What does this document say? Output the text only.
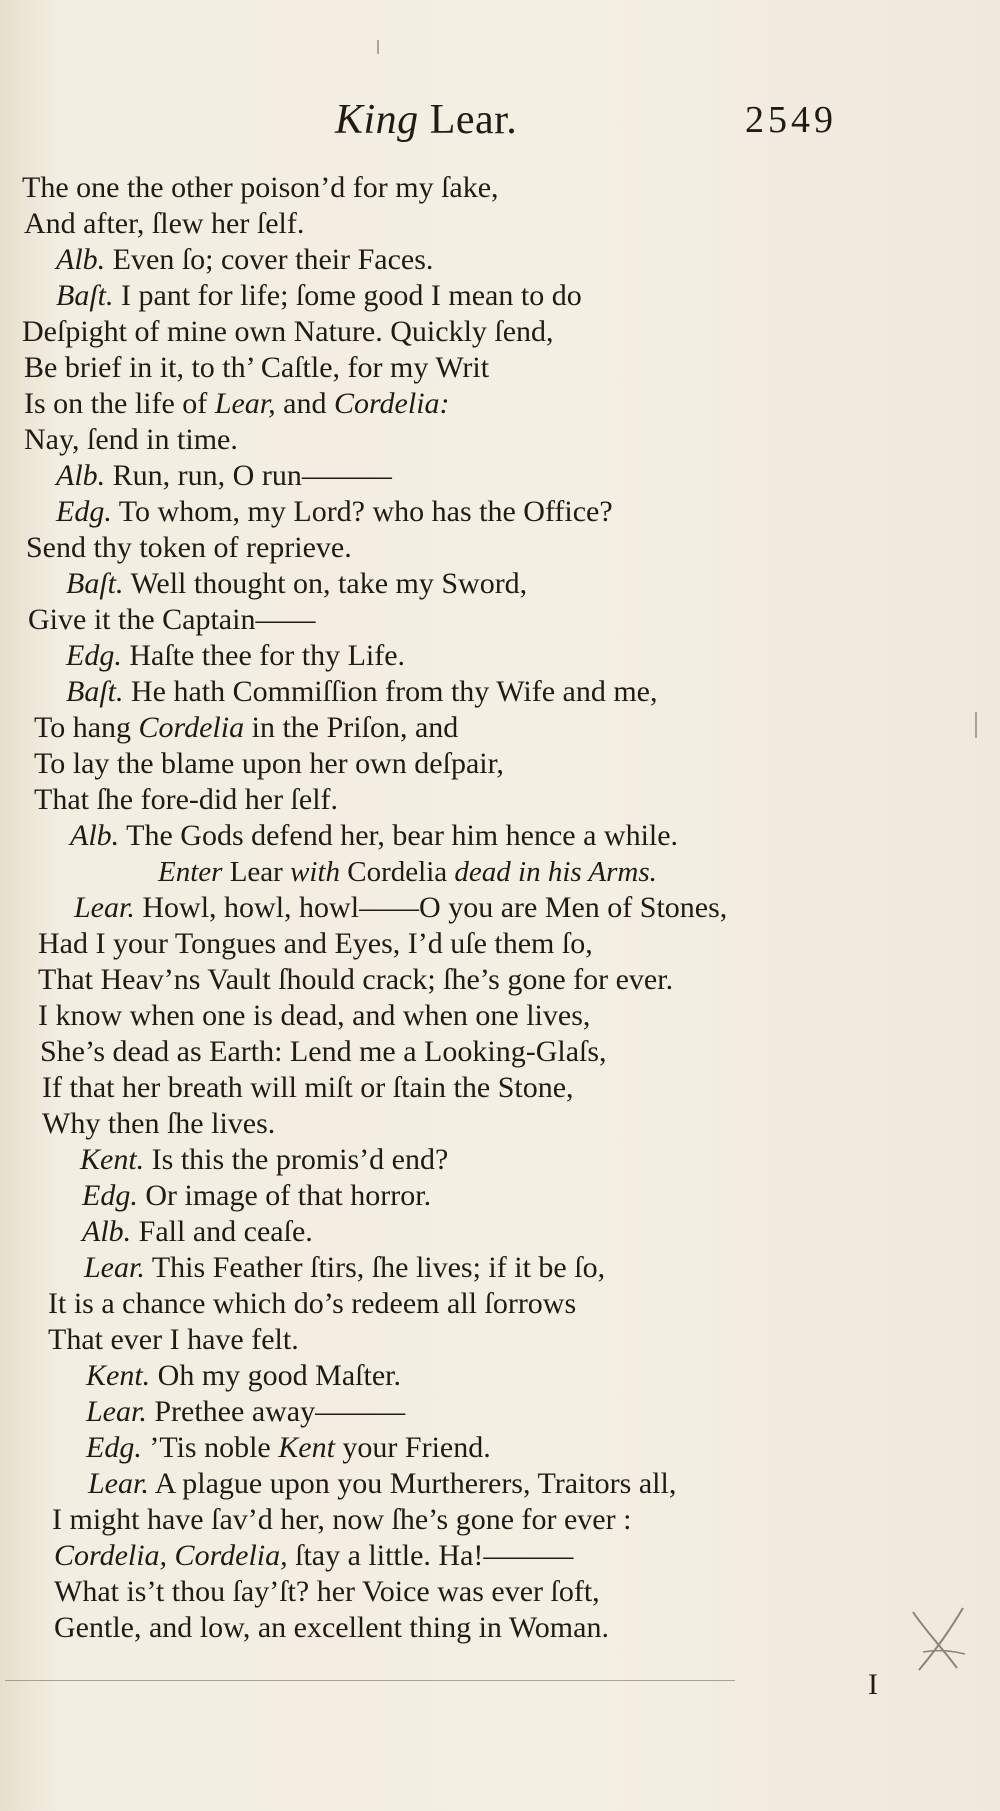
King Lear.	2549
The one the other poison’d for my ſake,
And after, ſlew her ſelf.
Alb. Even ſo; cover their Faces.
Baſt. I pant for life; ſome good I mean to do
Deſpight of mine own Nature. Quickly ſend,
Be brief in it, to th’ Caſtle, for my Writ
Is on the life of Lear, and Cordelia:
Nay, ſend in time.
Alb. Run, run, O run———
Edg. To whom, my Lord? who has the Office?
Send thy token of reprieve.
Baſt. Well thought on, take my Sword,
Give it the Captain——
Edg. Haſte thee for thy Life.
Baſt. He hath Commiſſion from thy Wife and me,
To hang Cordelia in the Priſon, and
To lay the blame upon her own deſpair,
That ſhe fore-did her ſelf.
Alb. The Gods defend her, bear him hence a while.
Enter Lear with Cordelia dead in his Arms.
Lear. Howl, howl, howl——O you are Men of Stones,
Had I your Tongues and Eyes, I’d uſe them ſo,
That Heav’ns Vault ſhould crack; ſhe’s gone for ever.
I know when one is dead, and when one lives,
She’s dead as Earth: Lend me a Looking-Glaſs,
If that her breath will miſt or ſtain the Stone,
Why then ſhe lives.
Kent. Is this the promis’d end?
Edg. Or image of that horror.
Alb. Fall and ceaſe.
Lear. This Feather ſtirs, ſhe lives; if it be ſo,
It is a chance which do’s redeem all ſorrows
That ever I have felt.
Kent. Oh my good Maſter.
Lear. Prethee away———
Edg. ’Tis noble Kent your Friend.
Lear. A plague upon you Murtherers, Traitors all,
I might have ſav’d her, now ſhe’s gone for ever :
Cordelia, Cordelia, ſtay a little. Ha!———
What is’t thou ſay’ſt? her Voice was ever ſoft,
Gentle, and low, an excellent thing in Woman.
I
